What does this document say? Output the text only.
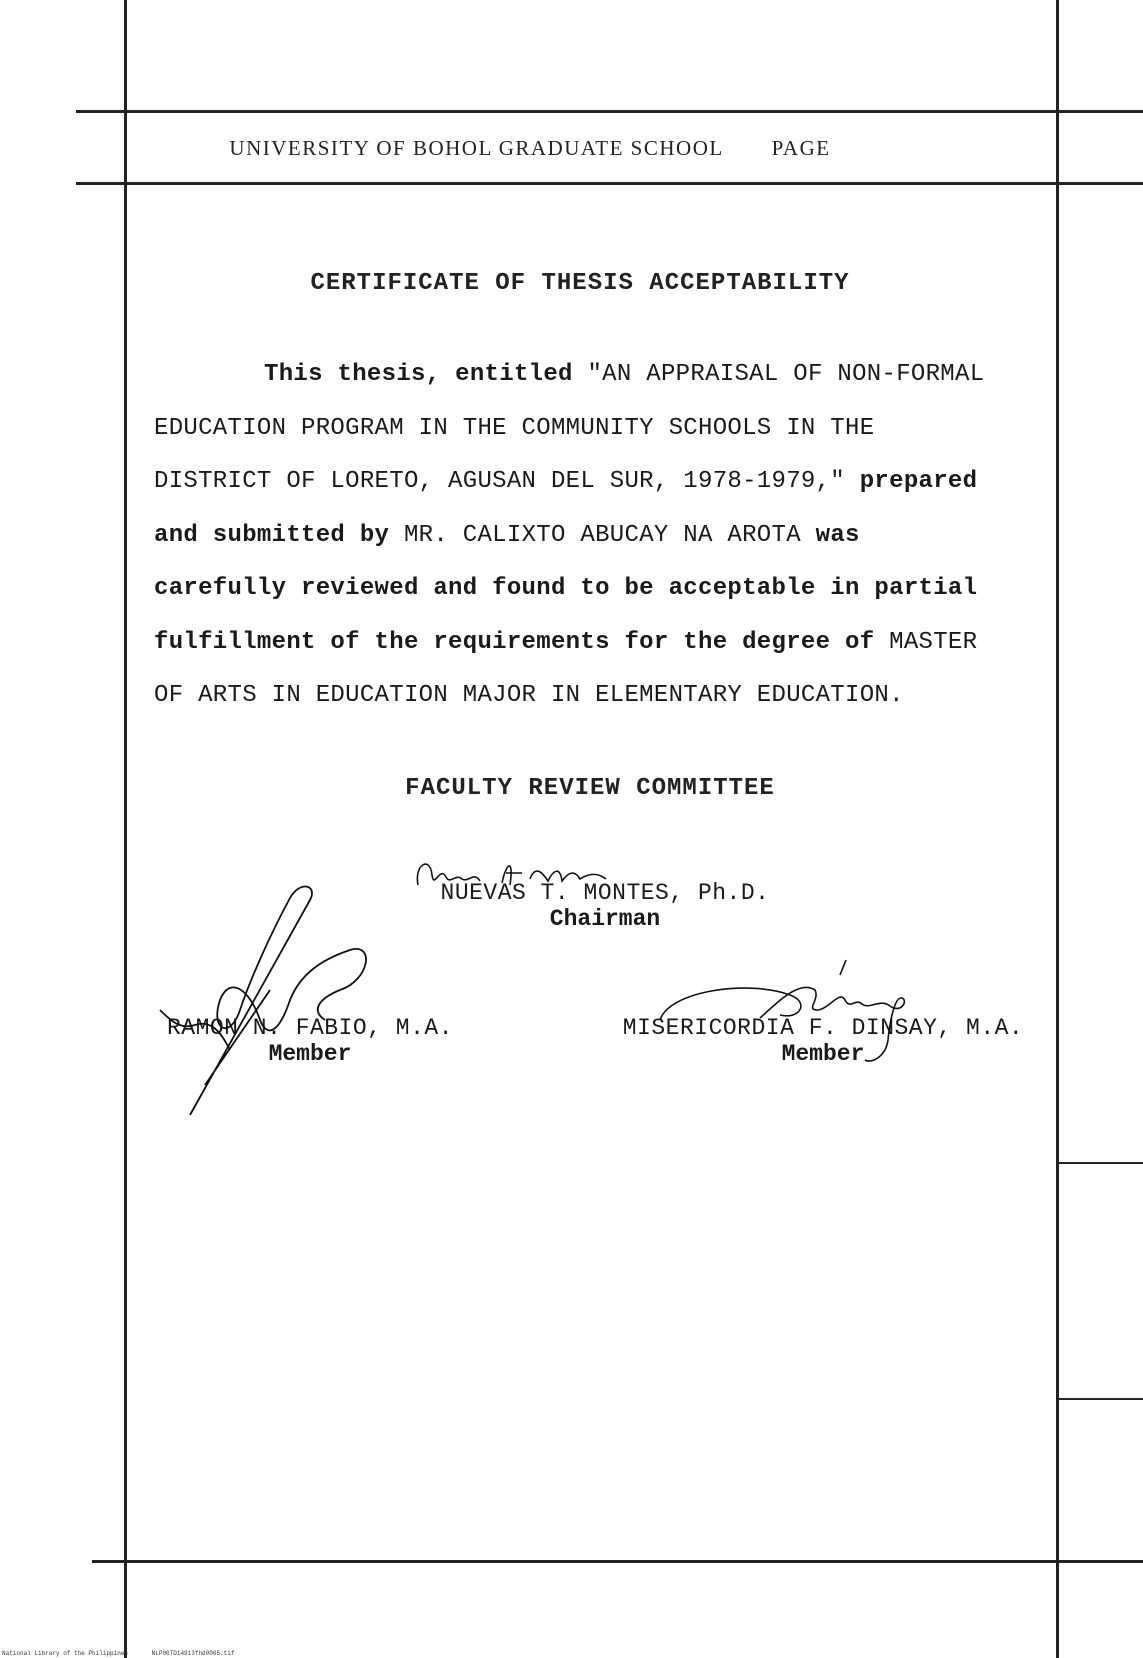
UNIVERSITY OF BOHOL GRADUATE SCHOOL PAGE
CERTIFICATE OF THESIS ACCEPTABILITY
This thesis, entitled "AN APPRAISAL OF NON-FORMAL
EDUCATION PROGRAM IN THE COMMUNITY SCHOOLS IN THE
DISTRICT OF LORETO, AGUSAN DEL SUR, 1978-1979," prepared
and submitted by MR. CALIXTO ABUCAY NA AROTA was
carefully reviewed and found to be acceptable in partial
fulfillment of the requirements for the degree of MASTER
OF ARTS IN EDUCATION MAJOR IN ELEMENTARY EDUCATION.
FACULTY REVIEW COMMITTEE
NUEVAS T. MONTES, Ph.D.
Chairman
RAMON N. FABIO, M.A.
Member
MISERICORDIA F. DINSAY, M.A.
Member
National Library of the Philippines	NLP00TD14913fhd0005.tif
